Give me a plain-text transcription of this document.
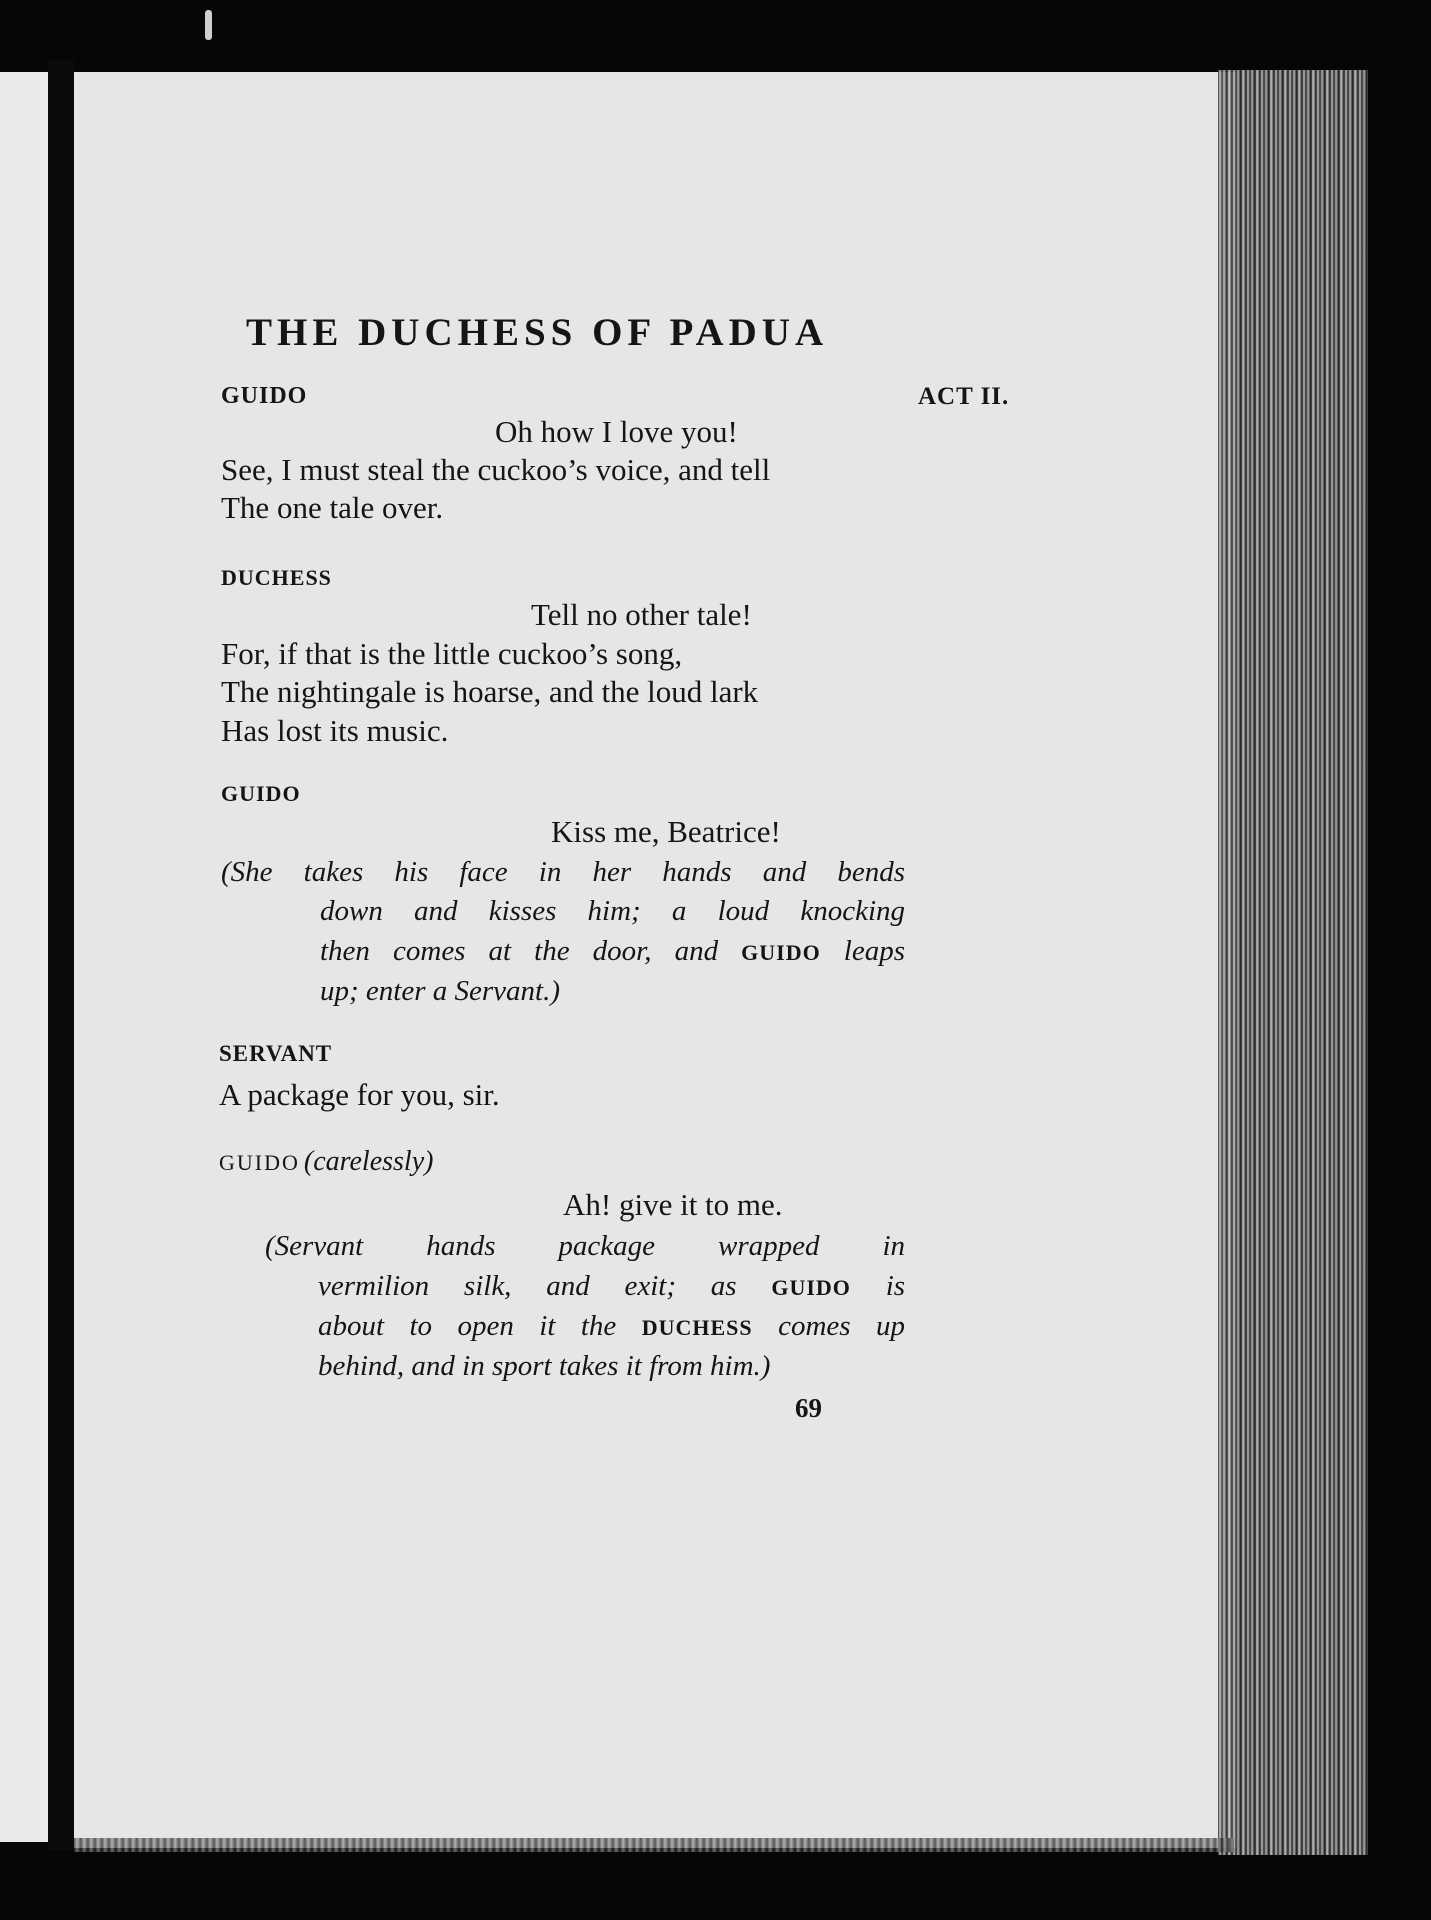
THE DUCHESS OF PADUA
GUIDO	ACT II.
Oh how I love you!
See, I must steal the cuckoo’s voice, and tell
The one tale over.
DUCHESS
Tell no other tale!
For, if that is the little cuckoo’s song,
The nightingale is hoarse, and the loud lark
Has lost its music.
GUIDO
Kiss me, Beatrice!
(She takes his face in her hands and bends
down and kisses him; a loud knocking
then comes at the door, and GUIDO leaps
up; enter a Servant.)
SERVANT
A package for you, sir.
GUIDO (carelessly)
Ah! give it to me.
(Servant hands package wrapped in
vermilion silk, and exit; as GUIDO is
about to open it the DUCHESS comes up
behind, and in sport takes it from him.)
69
